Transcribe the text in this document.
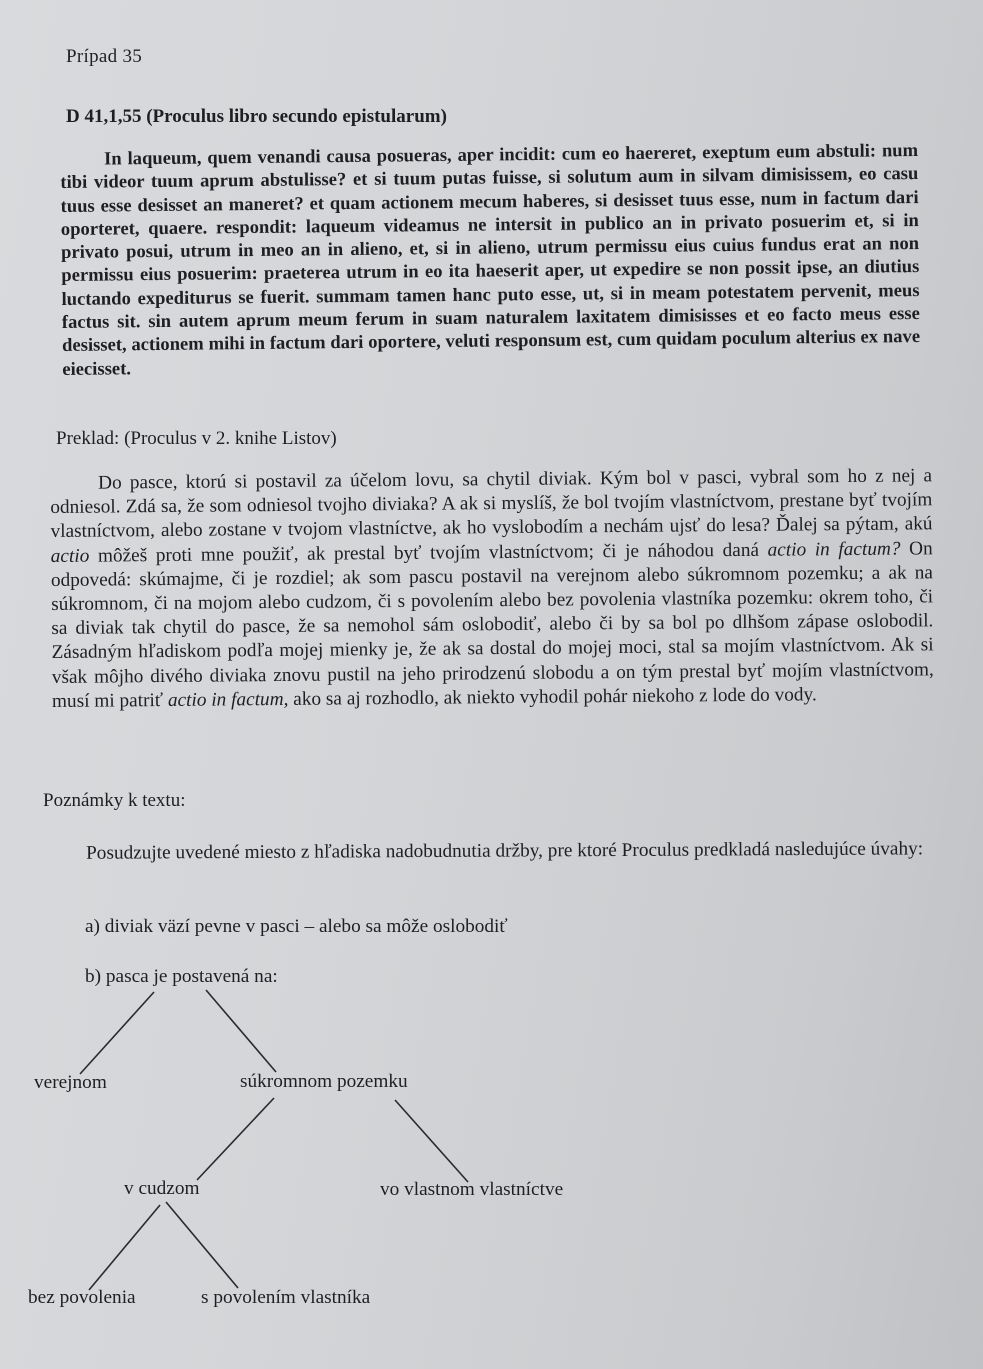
Prípad 35
D 41,1,55 (Proculus libro secundo epistularum)

In laqueum, quem venandi causa posueras, aper incidit: cum eo haereret, exeptum eum abstuli: num tibi videor tuum aprum abstulisse? et si tuum putas fuisse, si solutum aum in silvam dimisissem, eo casu tuus esse desisset an maneret? et quam actionem mecum haberes, si desisset tuus esse, num in factum dari oporteret, quaere. respondit: laqueum videamus ne intersit in publico an in privato posuerim et, si in privato posui, utrum in meo an in alieno, et, si in alieno, utrum permissu eius cuius fundus erat an non permissu eius posuerim: praeterea utrum in eo ita haeserit aper, ut expedire se non possit ipse, an diutius luctando expediturus se fuerit. summam tamen hanc puto esse, ut, si in meam potestatem pervenit, meus factus sit. sin autem aprum meum ferum in suam naturalem laxitatem dimisisses et eo facto meus esse desisset, actionem mihi in factum dari oportere, veluti responsum est, cum quidam poculum alterius ex nave eiecisset.

Preklad: (Proculus v 2. knihe Listov)

Do pasce, ktorú si postavil za účelom lovu, sa chytil diviak. Kým bol v pasci, vybral som ho z nej a odniesol. Zdá sa, že som odniesol tvojho diviaka? A ak si myslíš, že bol tvojím vlastníctvom, prestane byť tvojím vlastníctvom, alebo zostane v tvojom vlastníctve, ak ho vyslobodím a nechám ujsť do lesa? Ďalej sa pýtam, akú actio môžeš proti mne použiť, ak prestal byť tvojím vlastníctvom; či je náhodou daná actio in factum? On odpovedá: skúmajme, či je rozdiel; ak som pascu postavil na verejnom alebo súkromnom pozemku; a ak na súkromnom, či na mojom alebo cudzom, či s povolením alebo bez povolenia vlastníka pozemku: okrem toho, či sa diviak tak chytil do pasce, že sa nemohol sám oslobodiť, alebo či by sa bol po dlhšom zápase oslobodil. Zásadným hľadiskom podľa mojej mienky je, že ak sa dostal do mojej moci, stal sa mojím vlastníctvom. Ak si však môjho divého diviaka znovu pustil na jeho prirodzenú slobodu a on tým prestal byť mojím vlastníctvom, musí mi patriť actio in factum, ako sa aj rozhodlo, ak niekto vyhodil pohár niekoho z lode do vody.

Poznámky k textu:

Posudzujte uvedené miesto z hľadiska nadobudnutia držby, pre ktoré Proculus predkladá nasledujúce úvahy:

a) diviak väzí pevne v pasci – alebo sa môže oslobodiť
b) pasca je postavená na:
verejnom	súkromnom pozemku
v cudzom	vo vlastnom vlastníctve
bez povolenia	s povolením vlastníka
